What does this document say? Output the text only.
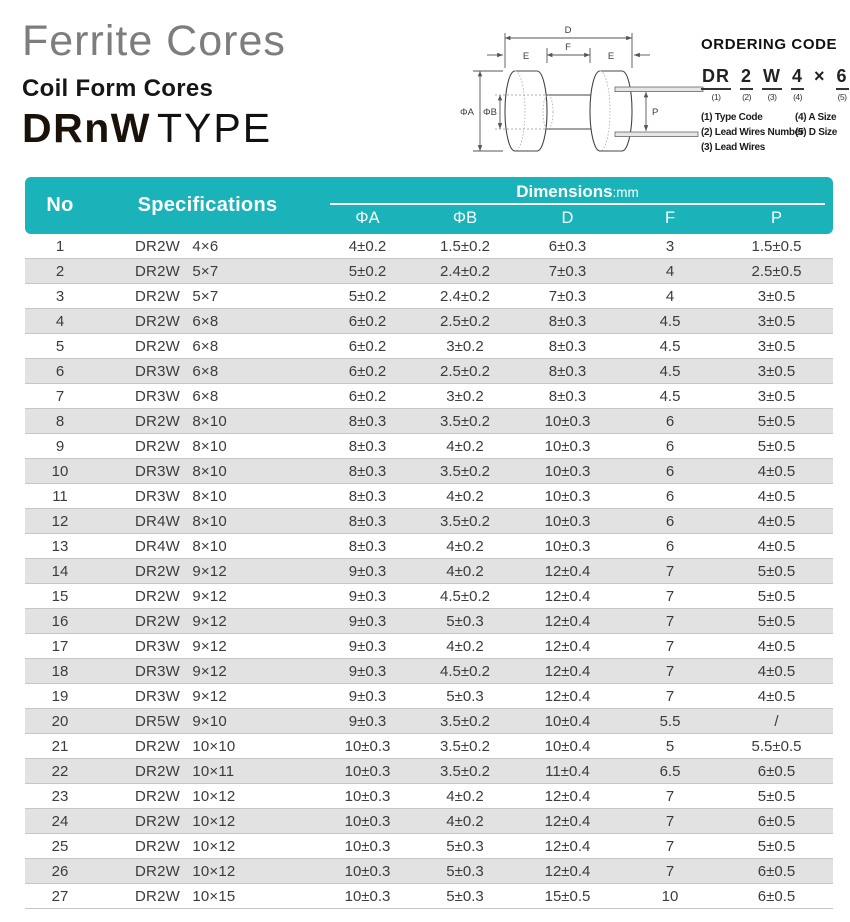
Ferrite Cores
Coil Form Cores
DRnW TYPE
D
E
F
E
ΦA ΦB	P
ORDERING CODE
DR
(1)
2
(2)
W
(3)
4
(4)
× 6
(5)
(1) Type Code
(2) Lead Wires Number
(3) Lead Wires
(4) A Size
(5) D Size
No	Specifications
Dimensions :mm
ΦA	ΦB	D	F	P
1	DR2W 4×6	4±0.2	1.5±0.2	6±0.3	3	1.5±0.5
2	DR2W 5×7	5±0.2	2.4±0.2	7±0.3	4	2.5±0.5
3	DR2W 5×7	5±0.2	2.4±0.2	7±0.3	4	3±0.5
4	DR2W 6×8	6±0.2	2.5±0.2	8±0.3	4.5	3±0.5
5	DR2W 6×8	6±0.2	3±0.2	8±0.3	4.5	3±0.5
6	DR3W 6×8	6±0.2	2.5±0.2	8±0.3	4.5	3±0.5
7	DR3W 6×8	6±0.2	3±0.2	8±0.3	4.5	3±0.5
8	DR2W 8×10	8±0.3	3.5±0.2	10±0.3	6	5±0.5
9	DR2W 8×10	8±0.3	4±0.2	10±0.3	6	5±0.5
10	DR3W 8×10	8±0.3	3.5±0.2	10±0.3	6	4±0.5
11	DR3W 8×10	8±0.3	4±0.2	10±0.3	6	4±0.5
12	DR4W 8×10	8±0.3	3.5±0.2	10±0.3	6	4±0.5
13	DR4W 8×10	8±0.3	4±0.2	10±0.3	6	4±0.5
14	DR2W 9×12	9±0.3	4±0.2	12±0.4	7	5±0.5
15	DR2W 9×12	9±0.3	4.5±0.2	12±0.4	7	5±0.5
16	DR2W 9×12	9±0.3	5±0.3	12±0.4	7	5±0.5
17	DR3W 9×12	9±0.3	4±0.2	12±0.4	7	4±0.5
18	DR3W 9×12	9±0.3	4.5±0.2	12±0.4	7	4±0.5
19	DR3W 9×12	9±0.3	5±0.3	12±0.4	7	4±0.5
20	DR5W 9×10	9±0.3	3.5±0.2	10±0.4	5.5	/
21	DR2W 10×10	10±0.3	3.5±0.2	10±0.4	5	5.5±0.5
22	DR2W 10×11	10±0.3	3.5±0.2	11±0.4	6.5	6±0.5
23	DR2W 10×12	10±0.3	4±0.2	12±0.4	7	5±0.5
24	DR2W 10×12	10±0.3	4±0.2	12±0.4	7	6±0.5
25	DR2W 10×12	10±0.3	5±0.3	12±0.4	7	5±0.5
26	DR2W 10×12	10±0.3	5±0.3	12±0.4	7	6±0.5
27	DR2W 10×15	10±0.3	5±0.3	15±0.5	10	6±0.5
